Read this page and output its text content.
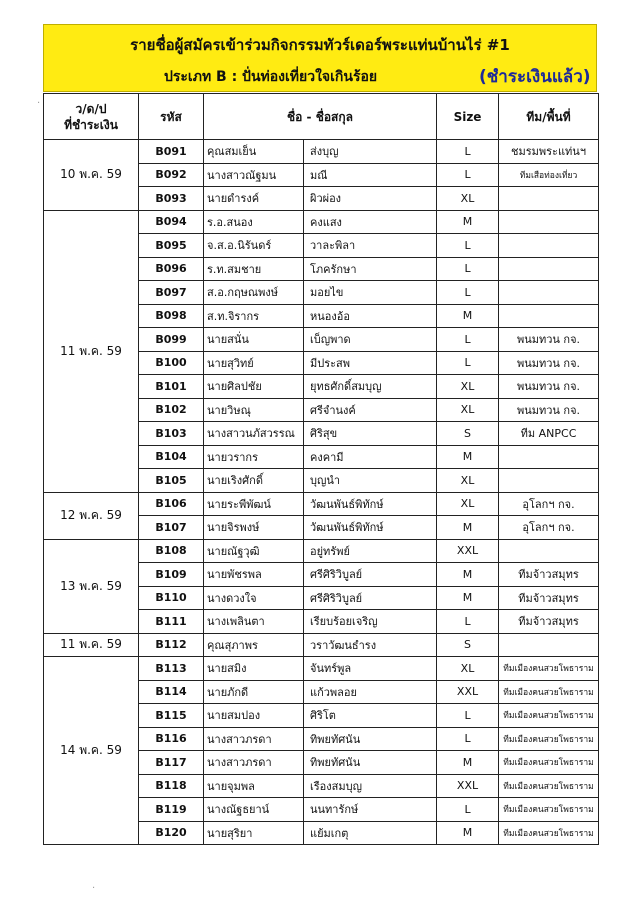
รายชื่อผู้สมัครเข้าร่วมกิจกรรมทัวร์เดอร์พระแท่นบ้านไร่ #1
ประเภท B : ปั่นท่องเที่ยวใจเกินร้อย	(ชำระเงินแล้ว)
ว/ด/ป
ที่ชำระเงิน	รหัส	ชื่อ - ชื่อสกุล		Size	ทีม/พื้นที่
10 พ.ค. 59	B091	คุณสมเย็น	ส่งบุญ	L	ชมรมพระแท่นฯ
	B092	นางสาวณัฐมน	มณี	L	ทีมเสือท่องเที่ยว
	B093	นายดำรงค์	ผิวผ่อง	XL	
11 พ.ค. 59	B094	ร.อ.สนอง	คงแสง	M	
	B095	จ.ส.อ.นิรันดร์	วาละพิลา	L	
	B096	ร.ท.สมชาย	โภครักษา	L	
	B097	ส.อ.กฤษณพงษ์	มอยไข	L	
	B098	ส.ท.จิรากร	หนองอ้อ	M	
	B099	นายสนั่น	เบ็ญพาด	L	พนมทวน กจ.
	B100	นายสุวิทย์	มีประสพ	L	พนมทวน กจ.
	B101	นายศิลปชัย	ยุทธศักดิ์สมบุญ	XL	พนมทวน กจ.
	B102	นายวิษณุ	ศรีจำนงค์	XL	พนมทวน กจ.
	B103	นางสาวนภัสวรรณ	ศิริสุข	S	ทีม ANPCC
	B104	นายวรากร	คงคามี	M	
	B105	นายเริงศักดิ์	บุญนำ	XL	
12 พ.ค. 59	B106	นายระพีพัฒน์	วัฒนพันธ์พิทักษ์	XL	อุโลกฯ กจ.
	B107	นายจิรพงษ์	วัฒนพันธ์พิทักษ์	M	อุโลกฯ กจ.
13 พ.ค. 59	B108	นายณัฐวุฒิ	อยู่ทรัพย์	XXL	
	B109	นายพัชรพล	ศรีศิริวิบูลย์	M	ทีมจ้าวสมุทร
	B110	นางดวงใจ	ศรีศิริวิบูลย์	M	ทีมจ้าวสมุทร
	B111	นางเพลินตา	เรียบร้อยเจริญ	L	ทีมจ้าวสมุทร
11 พ.ค. 59	B112	คุณสุภาพร	วราวัฒนธำรง	S	
14 พ.ค. 59	B113	นายสมิง	จันทร์พูล	XL	ทีมเมืองคนสวยโพธาราม
	B114	นายภักดี	แก้วพลอย	XXL	ทีมเมืองคนสวยโพธาราม
	B115	นายสมปอง	ศิริโต	L	ทีมเมืองคนสวยโพธาราม
	B116	นางสาวภรดา	ทิพยทัศนัน	L	ทีมเมืองคนสวยโพธาราม
	B117	นางสาวภรดา	ทิพยทัศนัน	M	ทีมเมืองคนสวยโพธาราม
	B118	นายจุมพล	เรืองสมบุญ	XXL	ทีมเมืองคนสวยโพธาราม
	B119	นางณัฐธยาน์	นนทารักษ์	L	ทีมเมืองคนสวยโพธาราม
	B120	นายสุริยา	แย้มเกตุ	M	ทีมเมืองคนสวยโพธาราม
·
·
